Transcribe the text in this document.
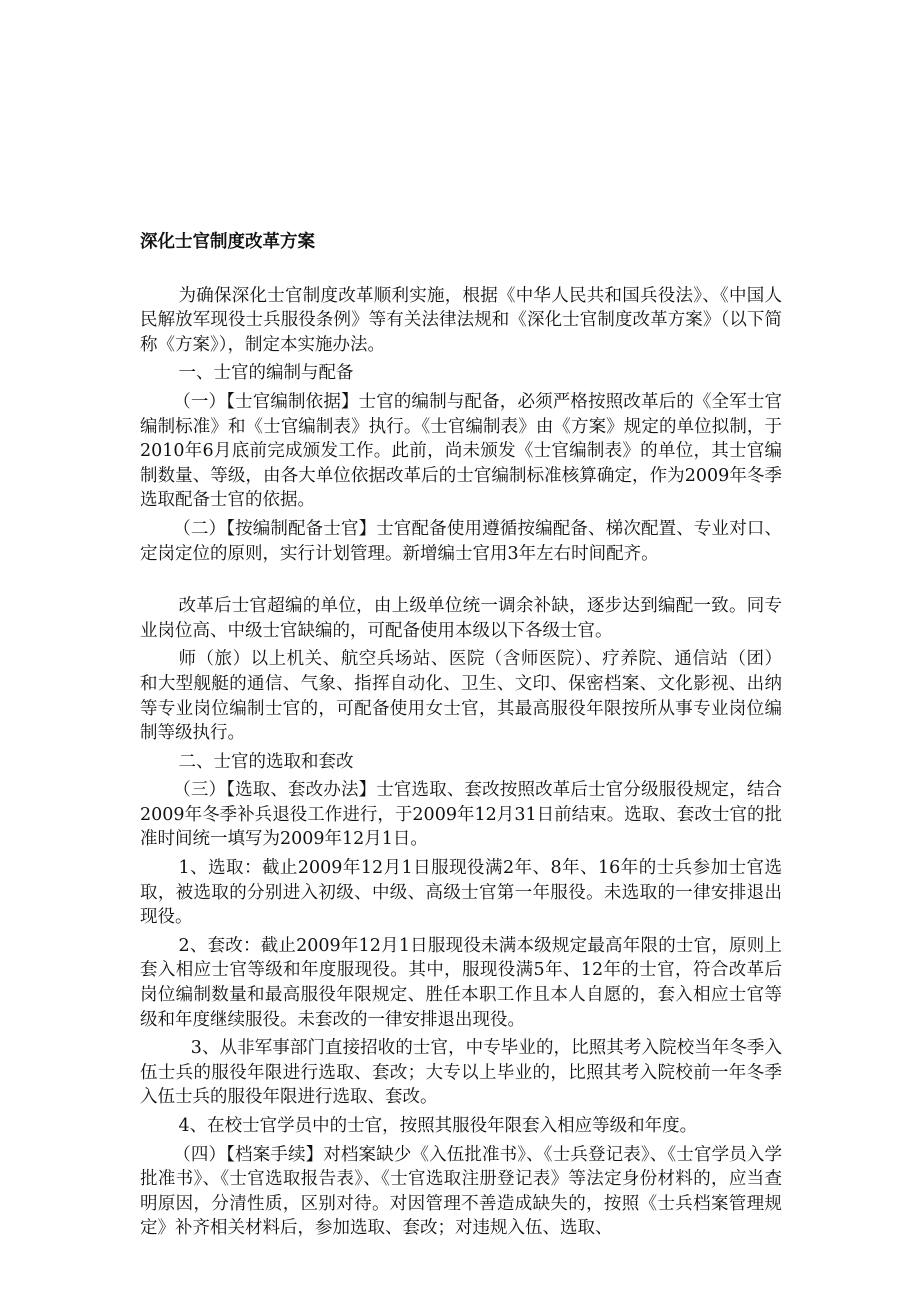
深化士官制度改革方案
为确保深化士官制度改革顺利实施，根据《中华人民共和国兵役法》、《中国人民解放军现役士兵服役条例》等有关法律法规和《深化士官制度改革方案》（以下简称《方案》），制定本实施办法。
一、士官的编制与配备
（一）【士官编制依据】士官的编制与配备，必须严格按照改革后的《全军士官编制标准》和《士官编制表》执行。《士官编制表》由《方案》规定的单位拟制，于2010年6月底前完成颁发工作。此前，尚未颁发《士官编制表》的单位，其士官编制数量、等级，由各大单位依据改革后的士官编制标准核算确定，作为2009年冬季选取配备士官的依据。
（二）【按编制配备士官】士官配备使用遵循按编配备、梯次配置、专业对口、定岗定位的原则，实行计划管理。新增编士官用3年左右时间配齐。
改革后士官超编的单位，由上级单位统一调余补缺，逐步达到编配一致。同专业岗位高、中级士官缺编的，可配备使用本级以下各级士官。
师（旅）以上机关、航空兵场站、医院（含师医院）、疗养院、通信站（团）和大型舰艇的通信、气象、指挥自动化、卫生、文印、保密档案、文化影视、出纳等专业岗位编制士官的，可配备使用女士官，其最高服役年限按所从事专业岗位编制等级执行。
二、士官的选取和套改
（三）【选取、套改办法】士官选取、套改按照改革后士官分级服役规定，结合2009年冬季补兵退役工作进行，于2009年12月31日前结束。选取、套改士官的批准时间统一填写为2009年12月1日。
1、选取：截止2009年12月1日服现役满2年、8年、16年的士兵参加士官选取，被选取的分别进入初级、中级、高级士官第一年服役。未选取的一律安排退出现役。
2、套改：截止2009年12月1日服现役未满本级规定最高年限的士官，原则上套入相应士官等级和年度服现役。其中，服现役满5年、12年的士官，符合改革后岗位编制数量和最高服役年限规定、胜任本职工作且本人自愿的，套入相应士官等级和年度继续服役。未套改的一律安排退出现役。
3、从非军事部门直接招收的士官，中专毕业的，比照其考入院校当年冬季入伍士兵的服役年限进行选取、套改；大专以上毕业的，比照其考入院校前一年冬季入伍士兵的服役年限进行选取、套改。
4、在校士官学员中的士官，按照其服役年限套入相应等级和年度。
（四）【档案手续】对档案缺少《入伍批准书》、《士兵登记表》、《士官学员入学批准书》、《士官选取报告表》、《士官选取注册登记表》等法定身份材料的，应当查明原因，分清性质，区别对待。对因管理不善造成缺失的，按照《士兵档案管理规定》补齐相关材料后，参加选取、套改；对违规入伍、选取、
